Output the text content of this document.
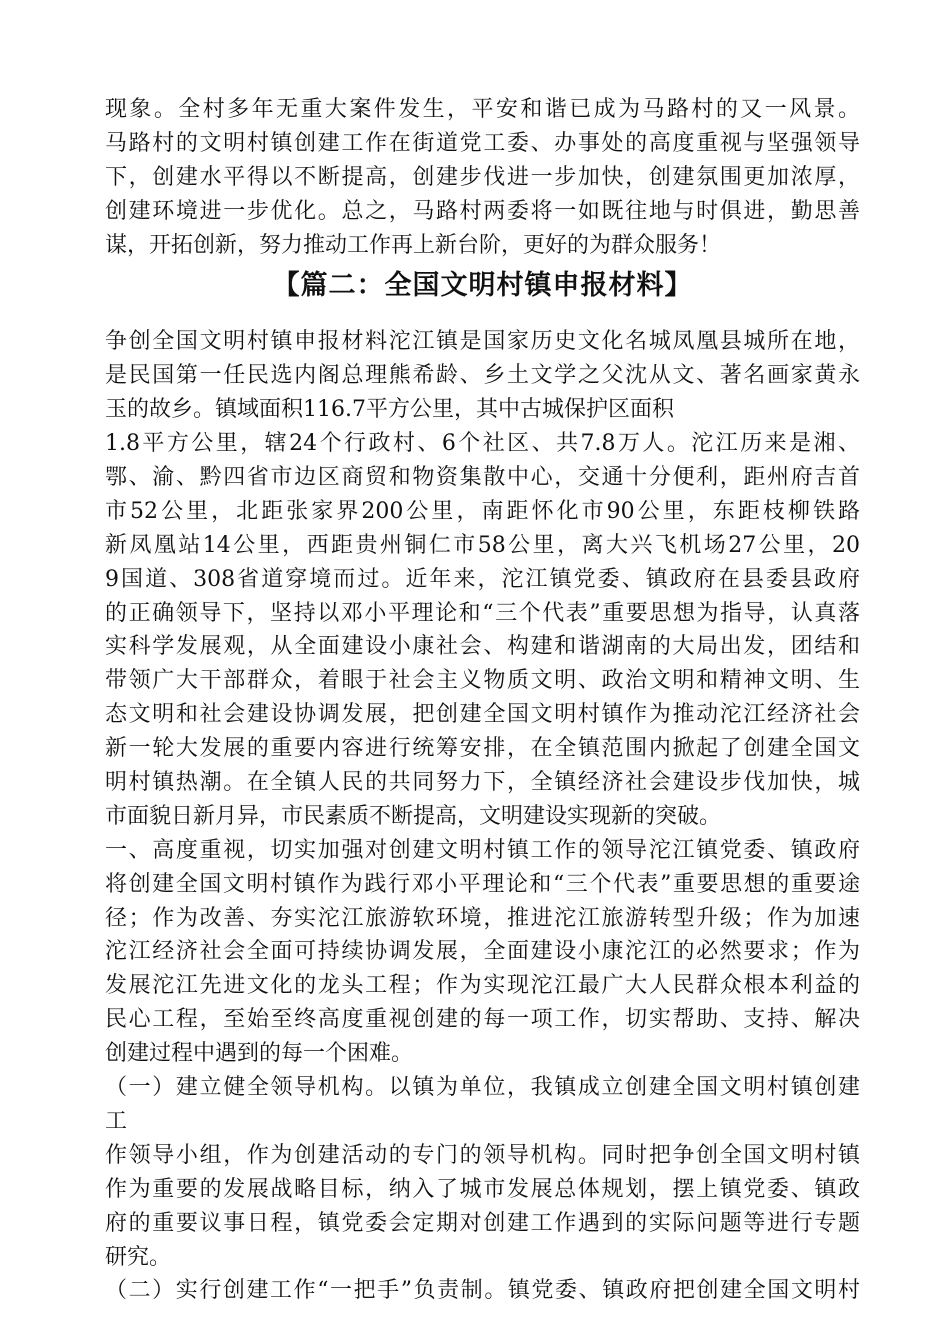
现象。全村多年无重大案件发生，平安和谐已成为马路村的又一风景。
马路村的文明村镇创建工作在街道党工委、办事处的高度重视与坚强领导
下，创建水平得以不断提高，创建步伐进一步加快，创建氛围更加浓厚，
创建环境进一步优化。总之，马路村两委将一如既往地与时俱进，勤思善
谋，开拓创新，努力推动工作再上新台阶，更好的为群众服务！
【篇二：全国文明村镇申报材料】
争创全国文明村镇申报材料沱江镇是国家历史文化名城凤凰县城所在地，
是民国第一任民选内阁总理熊希龄、乡土文学之父沈从文、著名画家黄永
玉的故乡。镇域面积116.7平方公里，其中古城保护区面积
1.8平方公里，辖24个行政村、6个社区、共7.8万人。沱江历来是湘、
鄂、渝、黔四省市边区商贸和物资集散中心，交通十分便利，距州府吉首
市52公里，北距张家界200公里，南距怀化市90公里，东距枝柳铁路
新凤凰站14公里，西距贵州铜仁市58公里，离大兴飞机场27公里，20
9国道、308省道穿境而过。近年来，沱江镇党委、镇政府在县委县政府
的正确领导下，坚持以邓小平理论和“三个代表”重要思想为指导，认真落
实科学发展观，从全面建设小康社会、构建和谐湖南的大局出发，团结和
带领广大干部群众，着眼于社会主义物质文明、政治文明和精神文明、生
态文明和社会建设协调发展，把创建全国文明村镇作为推动沱江经济社会
新一轮大发展的重要内容进行统筹安排，在全镇范围内掀起了创建全国文
明村镇热潮。在全镇人民的共同努力下，全镇经济社会建设步伐加快，城
市面貌日新月异，市民素质不断提高，文明建设实现新的突破。
一、高度重视，切实加强对创建文明村镇工作的领导沱江镇党委、镇政府
将创建全国文明村镇作为践行邓小平理论和“三个代表”重要思想的重要途
径；作为改善、夯实沱江旅游软环境，推进沱江旅游转型升级；作为加速
沱江经济社会全面可持续协调发展，全面建设小康沱江的必然要求；作为
发展沱江先进文化的龙头工程；作为实现沱江最广大人民群众根本利益的
民心工程，至始至终高度重视创建的每一项工作，切实帮助、支持、解决
创建过程中遇到的每一个困难。
（一）建立健全领导机构。以镇为单位，我镇成立创建全国文明村镇创建
工
作领导小组，作为创建活动的专门的领导机构。同时把争创全国文明村镇
作为重要的发展战略目标，纳入了城市发展总体规划，摆上镇党委、镇政
府的重要议事日程，镇党委会定期对创建工作遇到的实际问题等进行专题
研究。
（二）实行创建工作“一把手”负责制。镇党委、镇政府把创建全国文明村
